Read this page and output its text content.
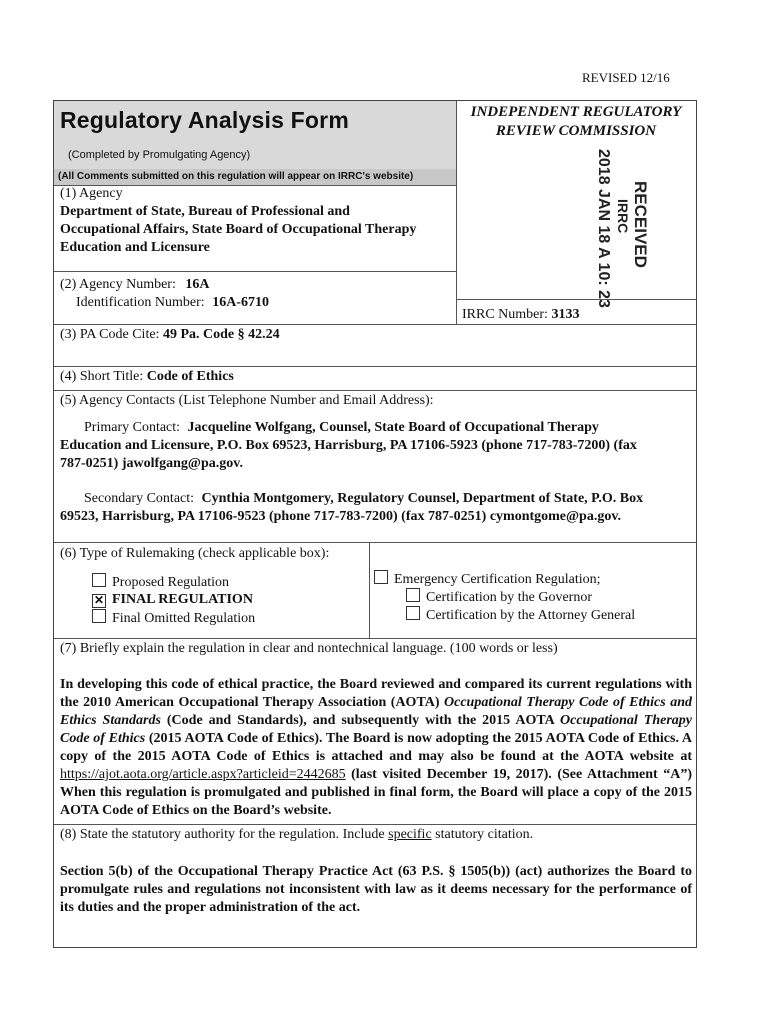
REVISED 12/16
Regulatory Analysis Form
(Completed by Promulgating Agency)
(All Comments submitted on this regulation will appear on IRRC's website)
INDEPENDENT REGULATORY
REVIEW COMMISSION
RECEIVED
IRRC
2018 JAN 18 A 10: 23
(1) Agency
Department of State, Bureau of Professional and
Occupational Affairs, State Board of Occupational Therapy
Education and Licensure
(2) Agency Number: 16A
Identification Number: 16A-6710
IRRC Number: 3133
(3) PA Code Cite: 49 Pa. Code § 42.24
(4) Short Title: Code of Ethics
(5) Agency Contacts (List Telephone Number and Email Address):
Primary Contact: Jacqueline Wolfgang, Counsel, State Board of Occupational Therapy
Education and Licensure, P.O. Box 69523, Harrisburg, PA 17106-5923 (phone 717-783-7200) (fax
787-0251) jawolfgang@pa.gov.
Secondary Contact: Cynthia Montgomery, Regulatory Counsel, Department of State, P.O. Box
69523, Harrisburg, PA 17106-9523 (phone 717-783-7200) (fax 787-0251) cymontgome@pa.gov.
(6) Type of Rulemaking (check applicable box):
Proposed Regulation
✕ FINAL REGULATION
Final Omitted Regulation
Emergency Certification Regulation;
Certification by the Governor
Certification by the Attorney General
(7) Briefly explain the regulation in clear and nontechnical language. (100 words or less)
In developing this code of ethical practice, the Board reviewed and compared its current regulations with the 2010 American Occupational Therapy Association (AOTA) Occupational Therapy Code of Ethics and Ethics Standards (Code and Standards), and subsequently with the 2015 AOTA Occupational Therapy Code of Ethics (2015 AOTA Code of Ethics). The Board is now adopting the 2015 AOTA Code of Ethics. A copy of the 2015 AOTA Code of Ethics is attached and may also be found at the AOTA website at https://ajot.aota.org/article.aspx?articleid=2442685 (last visited December 19, 2017). (See Attachment “A”) When this regulation is promulgated and published in final form, the Board will place a copy of the 2015 AOTA Code of Ethics on the Board’s website.
(8) State the statutory authority for the regulation. Include specific statutory citation.
Section 5(b) of the Occupational Therapy Practice Act (63 P.S. § 1505(b)) (act) authorizes the Board to promulgate rules and regulations not inconsistent with law as it deems necessary for the performance of its duties and the proper administration of the act.
